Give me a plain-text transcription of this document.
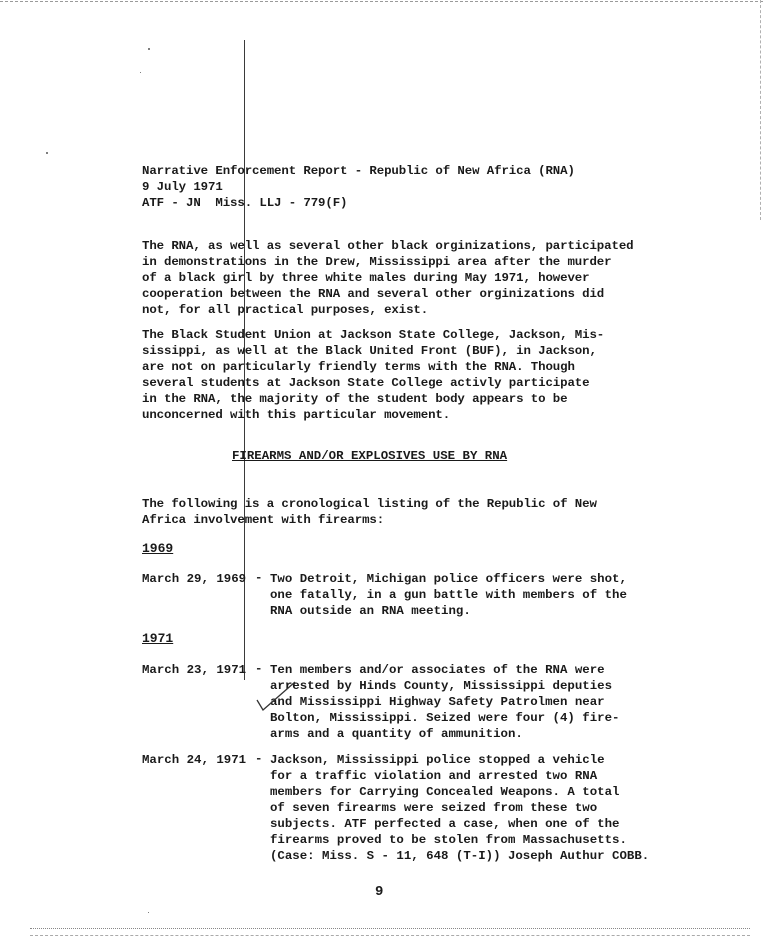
Narrative Enforcement Report - Republic of New Africa (RNA)
9 July 1971
ATF - JN  Miss. LLJ - 779(F)
The RNA, as well as several other black orginizations, participated
in demonstrations in the Drew, Mississippi area after the murder
of a black girl by three white males during May 1971, however
cooperation between the RNA and several other orginizations did
not, for all practical purposes, exist.
The Black Student Union at Jackson State College, Jackson, Mis-
sissippi, as well at the Black United Front (BUF), in Jackson,
are not on particularly friendly terms with the RNA. Though
several students at Jackson State College activly participate
in the RNA, the majority of the student body appears to be
unconcerned with this particular movement.
FIREARMS AND/OR EXPLOSIVES USE BY RNA
The following is a cronological listing of the Republic of New
Africa involvement with firearms:
1969
March 29, 1969 - Two Detroit, Michigan police officers were shot,
one fatally, in a gun battle with members of the
RNA outside an RNA meeting.
1971
March 23, 1971 - Ten members and/or associates of the RNA were
arrested by Hinds County, Mississippi deputies
and Mississippi Highway Safety Patrolmen near
Bolton, Mississippi. Seized were four (4) fire-
arms and a quantity of ammunition.
March 24, 1971 - Jackson, Mississippi police stopped a vehicle
for a traffic violation and arrested two RNA
members for Carrying Concealed Weapons. A total
of seven firearms were seized from these two
subjects. ATF perfected a case, when one of the
firearms proved to be stolen from Massachusetts.
(Case: Miss. S - 11, 648 (T-I)) Joseph Authur COBB.
9
